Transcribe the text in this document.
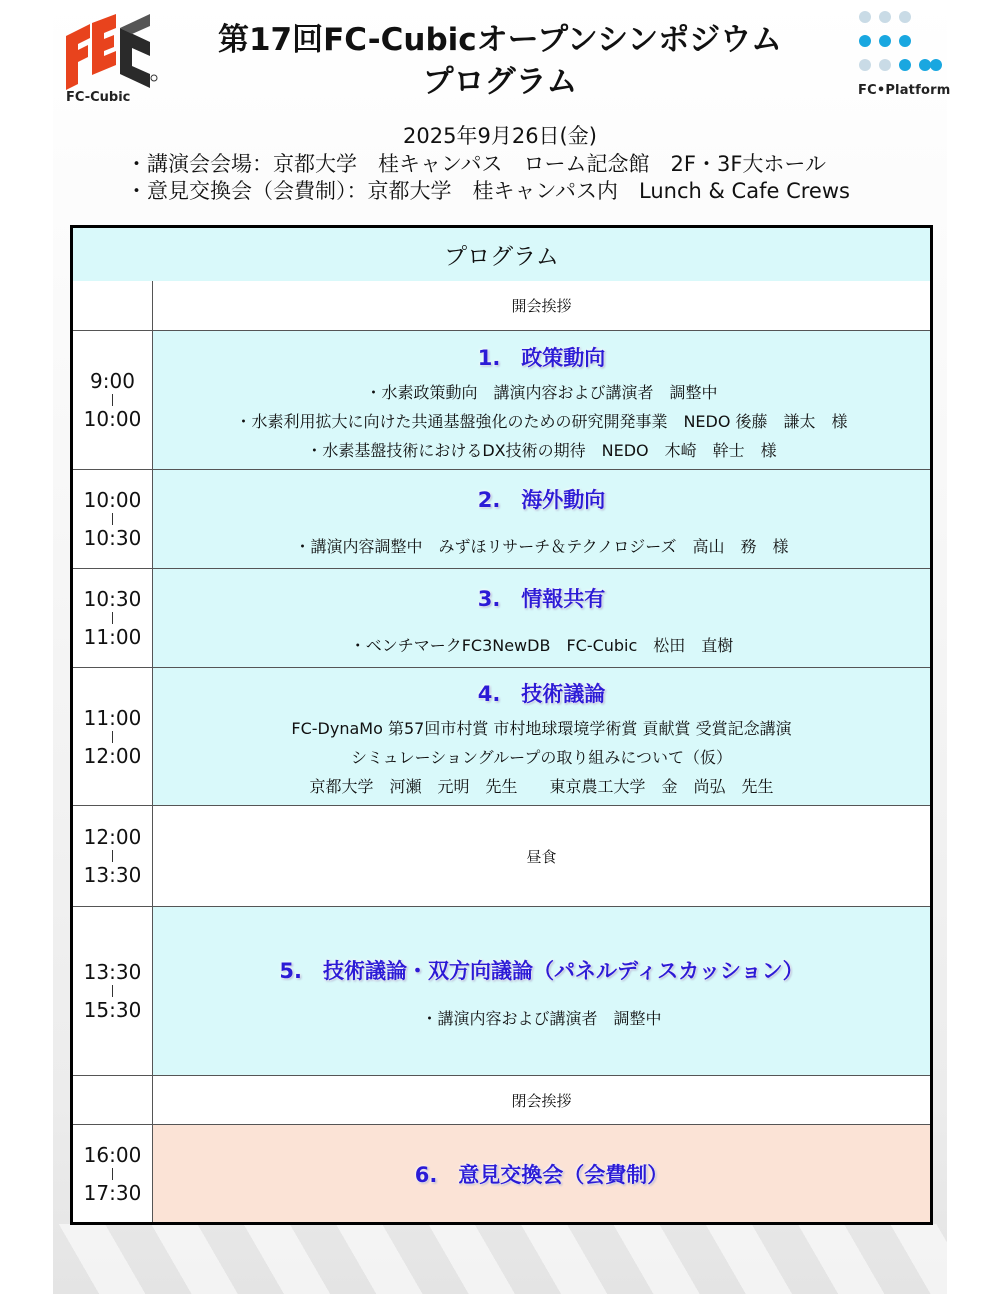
FC-Cubic	FC•Platform
第17回FC-Cubicオープンシンポジウム
プログラム
2025年9月26日(金)
・講演会会場：京都大学　桂キャンパス　ローム記念館　2F・3F大ホール
・意見交換会（会費制）：京都大学　桂キャンパス内　Lunch & Cafe Crews
プログラム
開会挨拶
9:00
10:00
1.　政策動向
・水素政策動向　講演内容および講演者　調整中
・水素利用拡大に向けた共通基盤強化のための研究開発事業　NEDO 後藤　謙太　様
・水素基盤技術におけるDX技術の期待　NEDO　木崎　幹士　様
10:00
10:30
2.　海外動向
・講演内容調整中　みずほリサーチ＆テクノロジーズ　高山　務　様
10:30
11:00
3.　情報共有
・ベンチマークFC3NewDB　FC-Cubic　松田　直樹
11:00
12:00
4.　技術議論
FC-DynaMo 第57回市村賞 市村地球環境学術賞 貢献賞 受賞記念講演
シミュレーショングループの取り組みについて（仮）
京都大学　河瀬　元明　先生　　東京農工大学　金　尚弘　先生
12:00
13:30
昼食
13:30
15:30
5.　技術議論・双方向議論（パネルディスカッション）
・講演内容および講演者　調整中
閉会挨拶
16:00
17:30
6.　意見交換会（会費制）
